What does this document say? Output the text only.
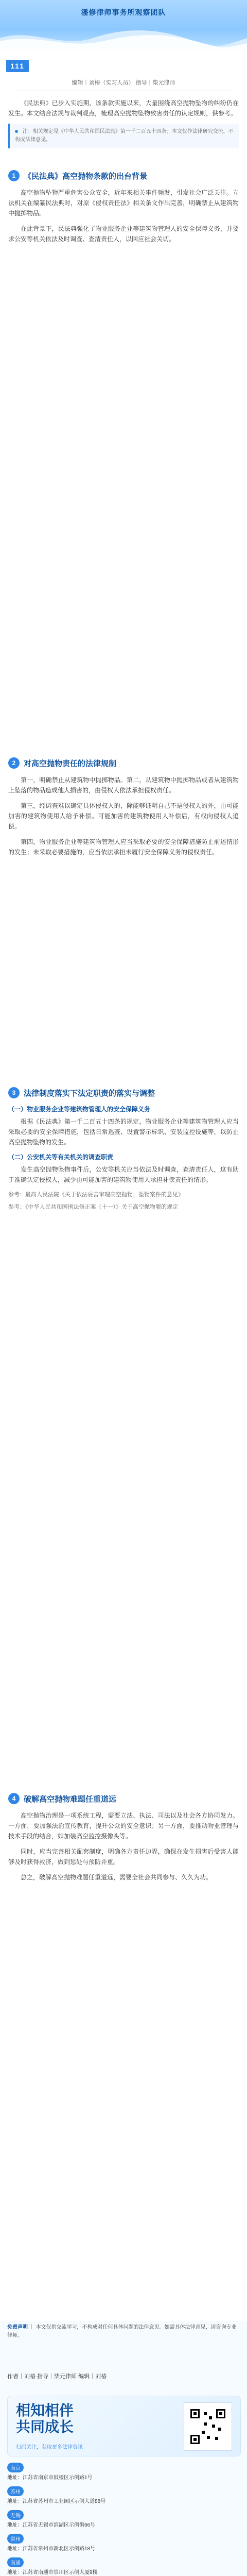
潘修律师事务所观察团队
111
编辑｜刘椿（实习人员） 指导｜柴元律师

《民法典》已步入实施期，该条款实施以来，大量围绕高空抛物坠物的纠纷仍在发生。本文结合法规与裁判观点，梳理高空抛物坠物致害责任的认定规则，供参考。

注：相关规定见《中华人民共和国民法典》第一千二百五十四条；本文仅作法律研究交流，不构成法律意见。
1	《民法典》高空抛物条款的出台背景

高空抛物坠物严重危害公众安全，近年来相关事件频发，引发社会广泛关注。立法机关在编纂民法典时，对原《侵权责任法》相关条文作出完善，明确禁止从建筑物中抛掷物品。

在此背景下，民法典强化了物业服务企业等建筑物管理人的安全保障义务，并要求公安等机关依法及时调查、查清责任人，以回应社会关切。

2	对高空抛物责任的法律规制

第一，明确禁止从建筑物中抛掷物品。第二，从建筑物中抛掷物品或者从建筑物上坠落的物品造成他人损害的，由侵权人依法承担侵权责任。

第三，经调查难以确定具体侵权人的，除能够证明自己不是侵权人的外，由可能加害的建筑物使用人给予补偿。可能加害的建筑物使用人补偿后，有权向侵权人追偿。

第四，物业服务企业等建筑物管理人应当采取必要的安全保障措施防止前述情形的发生；未采取必要措施的，应当依法承担未履行安全保障义务的侵权责任。

3	法律制度落实下法定职责的落实与调整
（一）物业服务企业等建筑物管理人的安全保障义务

根据《民法典》第一千二百五十四条的规定，物业服务企业等建筑物管理人应当采取必要的安全保障措施，包括日常巡查、设置警示标识、安装监控设施等，以防止高空抛物坠物的发生。

（二）公安机关等有关机关的调查职责

发生高空抛物坠物事件后，公安等机关应当依法及时调查，查清责任人，这有助于准确认定侵权人，减少由可能加害的建筑物使用人承担补偿责任的情形。

参考：最高人民法院《关于依法妥善审理高空抛物、坠物案件的意见》
参考：《中华人民共和国刑法修正案（十一）》关于高空抛物罪的规定
4	破解高空抛物难题任重道远

高空抛物治理是一项系统工程，需要立法、执法、司法以及社会各方协同发力。一方面，要加强法治宣传教育，提升公众的安全意识；另一方面，要推动物业管理与技术手段的结合，如加装高空监控摄像头等。

同时，应当完善相关配套制度，明确各方责任边界，确保在发生损害后受害人能够及时获得救济，做到惩处与预防并重。

总之，破解高空抛物难题任重道远，需要全社会共同参与、久久为功。

免责声明 ｜ 本文仅供交流学习，不构成对任何具体问题的法律意见。如需具体法律意见，请咨询专业律师。
作者｜刘椿 指导｜柴元律师 编辑｜刘椿
相知相伴
共同成长
扫码关注，获取更多法律资讯
南京
地址：江苏省南京市鼓楼区示例路1号
苏州
地址：江苏省苏州市工业园区示例大道88号
无锡
地址：江苏省无锡市滨湖区示例街66号
常州
地址：江苏省常州市新北区示例路18号
南通
地址：江苏省南通市崇川区示例大厦9楼
